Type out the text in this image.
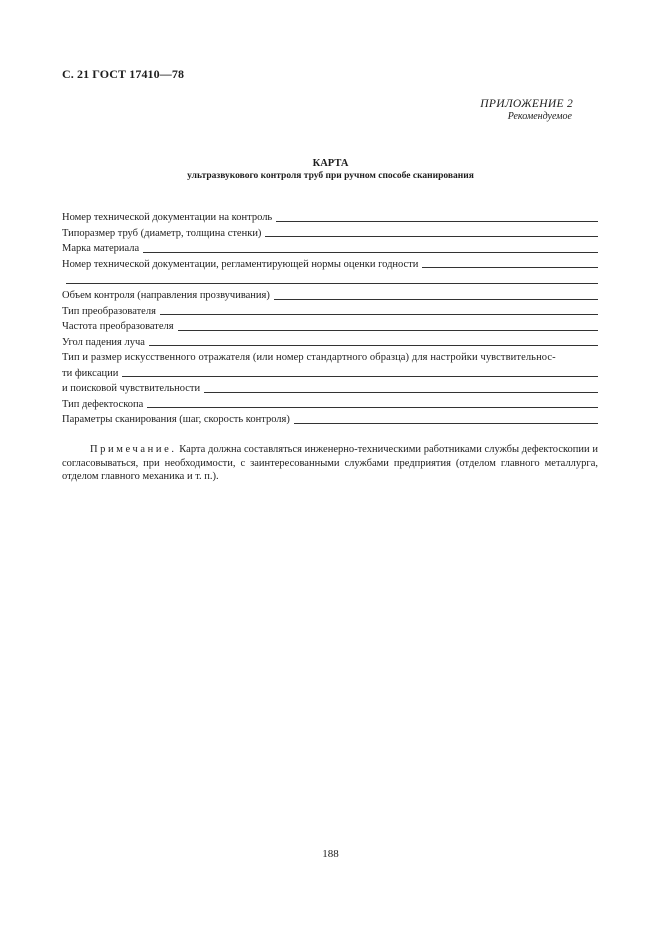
С. 21 ГОСТ 17410—78
ПРИЛОЖЕНИЕ 2
Рекомендуемое
КАРТА
ультразвукового контроля труб при ручном способе сканирования
Номер технической документации на контроль
Типоразмер труб (диаметр, толщина стенки)
Марка материала
Номер технической документации, регламентирующей нормы оценки годности
Объем контроля (направления прозвучивания)
Тип преобразователя
Частота преобразователя
Угол падения луча
Тип и размер искусственного отражателя (или номер стандартного образца) для настройки чувствительнос-
ти фиксации
и поисковой чувствительности
Тип дефектоскопа
Параметры сканирования (шаг, скорость контроля)
Примечание. Карта должна составляться инженерно-техническими работниками службы дефектоскопии и согласовываться, при необходимости, с заинтересованными службами предприятия (отделом главного металлурга, отделом главного механика и т. п.).
188
